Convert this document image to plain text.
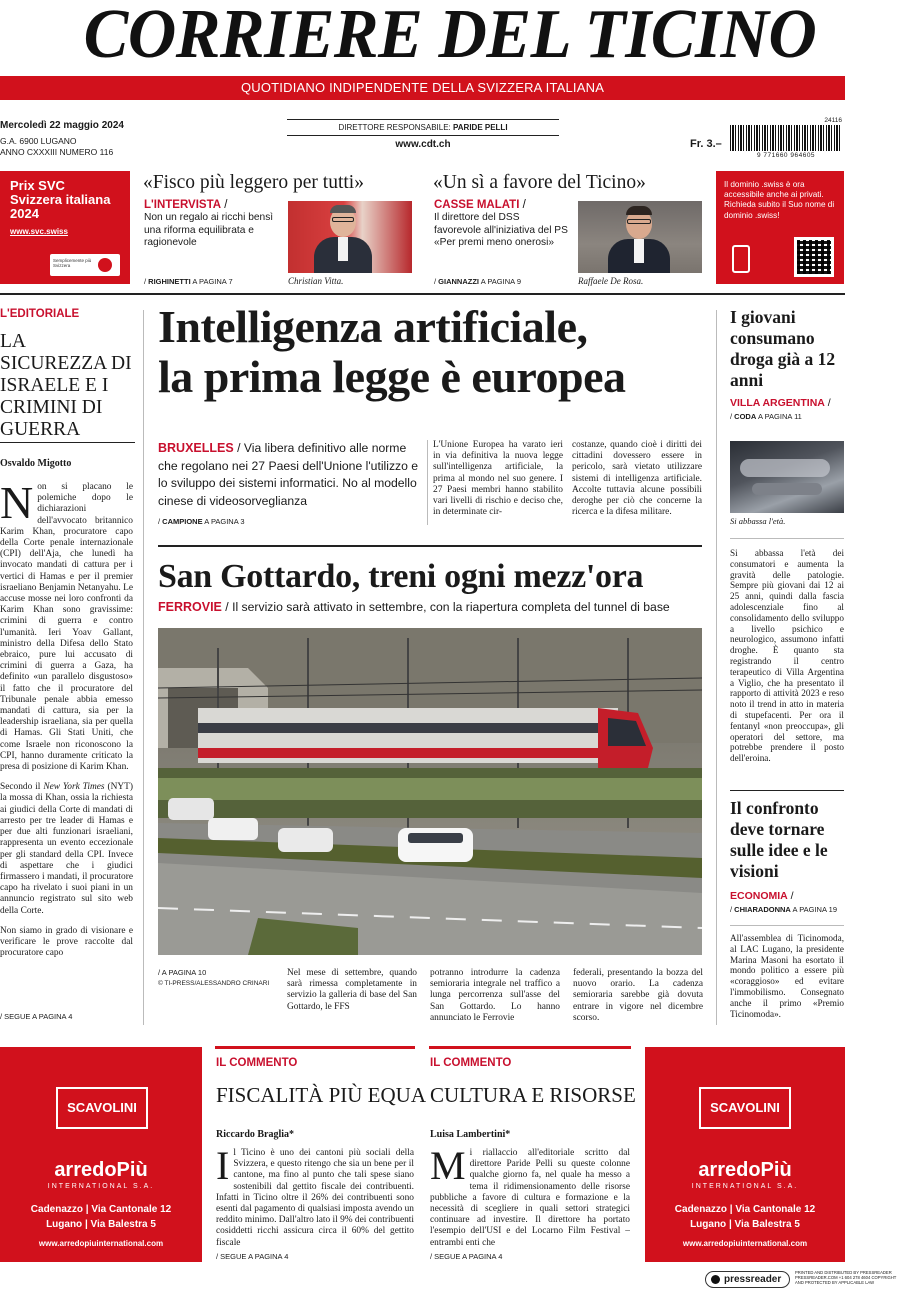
CORRIERE DEL TICINO
QUOTIDIANO INDIPENDENTE DELLA SVIZZERA ITALIANA
Mercoledì 22 maggio 2024
G.A. 6900 LUGANO
ANNO CXXXIII NUMERO 116
DIRETTORE RESPONSABILE: PARIDE PELLI
www.cdt.ch	Fr. 3.–
24116
9 771660 964605
Prix SVC Svizzera italiana 2024
www.svc.swiss
Semplicemente più Svizzera
«Fisco più leggero per tutti»
L'INTERVISTA /
Non un regalo ai ricchi bensì una riforma equilibrata e ragionevole
/ RIGHINETTI A PAGINA 7	Christian Vitta.
«Un sì a favore del Ticino»
CASSE MALATI /
Il direttore del DSS favorevole all'iniziativa del PS «Per premi meno onerosi»
/ GIANNAZZI A PAGINA 9	Raffaele De Rosa.
Il dominio .swiss è ora accessibile anche ai privati. Richieda subito il Suo nome di dominio .swiss!
L'EDITORIALE
LA SICUREZZA DI ISRAELE E I CRIMINI DI GUERRA
Osvaldo Migotto
N on si placano le polemiche dopo le dichiarazioni dell'avvocato britannico Karim Khan, procuratore capo della Corte penale internazionale (CPI) dell'Aja, che lunedì ha invocato mandati di cattura per i vertici di Hamas e per il premier israeliano Benjamin Netanyahu. Le accuse mosse nei loro confronti da Karim Khan sono gravissime: crimini di guerra e contro l'umanità. Ieri Yoav Gallant, ministro della Difesa dello Stato ebraico, pure lui accusato di crimini di guerra a Gaza, ha definito «un parallelo disgustoso» il fatto che il procuratore del Tribunale penale abbia emesso mandati di cattura, sia per la leadership israeliana, sia per quella di Hamas. Gli Stati Uniti, che come Israele non riconoscono la CPI, hanno duramente criticato la presa di posizione di Karim Khan.
Secondo il New York Times (NYT) la mossa di Khan, ossia la richiesta ai giudici della Corte di mandati di arresto per tre leader di Hamas e per due alti funzionari israeliani, rappresenta un evento eccezionale per gli standard della CPI. Invece di aspettare che i giudici firmassero i mandati, il procuratore capo ha rivelato i suoi piani in un annuncio registrato sul sito web della Corte.
Non siamo in grado di visionare e verificare le prove raccolte dal procuratore capo
/ SEGUE A PAGINA 4
Intelligenza artificiale,
la prima legge è europea
BRUXELLES / Via libera definitivo alle norme che regolano nei 27 Paesi dell'Unione l'utilizzo e lo sviluppo dei sistemi informatici. No al modello cinese di videosorveglianza
/ CAMPIONE A PAGINA 3
L'Unione Europea ha varato ieri in via definitiva la nuova legge sull'intelligenza artificiale, la prima al mondo nel suo genere. I 27 Paesi membri hanno stabilito vari livelli di rischio e deciso che, in determinate cir-
costanze, quando cioè i diritti dei cittadini dovessero essere in pericolo, sarà vietato utilizzare sistemi di intelligenza artificiale. Accolte tuttavia alcune possibili deroghe per ciò che concerne la ricerca e la difesa militare.
San Gottardo, treni ogni mezz'ora
FERROVIE / Il servizio sarà attivato in settembre, con la riapertura completa del tunnel di base
/ A PAGINA 10
© TI-PRESS/ALESSANDRO CRINARI
Nel mese di settembre, quando sarà rimessa completamente in servizio la galleria di base del San Gottardo, le FFS
potranno introdurre la cadenza semioraria integrale nel traffico a lunga percorrenza sull'asse del San Gottardo. Lo hanno annunciato le Ferrovie
federali, presentando la bozza del nuovo orario. La cadenza semioraria sarebbe già dovuta entrare in vigore nel dicembre scorso.
I giovani consumano droga già a 12 anni
VILLA ARGENTINA /
/ CODA A PAGINA 11
Si abbassa l'età.
Si abbassa l'età dei consumatori e aumenta la gravità delle patologie. Sempre più giovani dai 12 ai 25 anni, quindi dalla fascia adolescenziale fino al consolidamento dello sviluppo a livello psichico e neurologico, assumono infatti droghe. È quanto sta registrando il centro terapeutico di Villa Argentina a Viglio, che ha presentato il rapporto di attività 2023 e reso noto il trend in atto in materia di stupefacenti. Per ora il fentanyl «non preoccupa», gli operatori del settore, ma potrebbe prendere il posto dell'eroina.
Il confronto deve tornare sulle idee e le visioni
ECONOMIA /
/ CHIARADONNA A PAGINA 19
All'assemblea di Ticinomoda, al LAC Lugano, la presidente Marina Masoni ha esortato il mondo politico a essere più «coraggioso» ed evitare l'immobilismo. Consegnato anche il primo «Premio Ticinomoda».
SCAVOLINI
arredoPiù
INTERNATIONAL S.A.
Cadenazzo | Via Cantonale 12
Lugano | Via Balestra 5
www.arredopiuinternational.com
IL COMMENTO
FISCALITÀ PIÙ EQUA
Riccardo Braglia*
Il Ticino è uno dei cantoni più sociali della Svizzera, e questo ritengo che sia un bene per il cantone, ma fino al punto che tali spese siano sostenibili dal gettito fiscale dei contribuenti. Infatti in Ticino oltre il 26% dei contribuenti sono esenti dal pagamento di qualsiasi imposta avendo un reddito minimo. Dall'altro lato il 9% dei contribuenti cosiddetti ricchi assicura circa il 60% del gettito fiscale
/ SEGUE A PAGINA 4
IL COMMENTO
CULTURA E RISORSE
Luisa Lambertini*
Mi riallaccio all'editoriale scritto dal direttore Paride Pelli su queste colonne qualche giorno fa, nel quale ha messo a tema il ridimensionamento delle risorse pubbliche a favore di cultura e formazione e la necessità di scegliere in quali settori strategici continuare ad investire. Il direttore ha portato l'esempio dell'USI e del Locarno Film Festival – entrambi enti che
/ SEGUE A PAGINA 4
SCAVOLINI
arredoPiù
INTERNATIONAL S.A.
Cadenazzo | Via Cantonale 12
Lugano | Via Balestra 5
www.arredopiuinternational.com
pressreader
PRINTED AND DISTRIBUTED BY PRESSREADER PRESSREADER.COM +1 604 278 4604 COPYRIGHT AND PROTECTED BY APPLICABLE LAW
